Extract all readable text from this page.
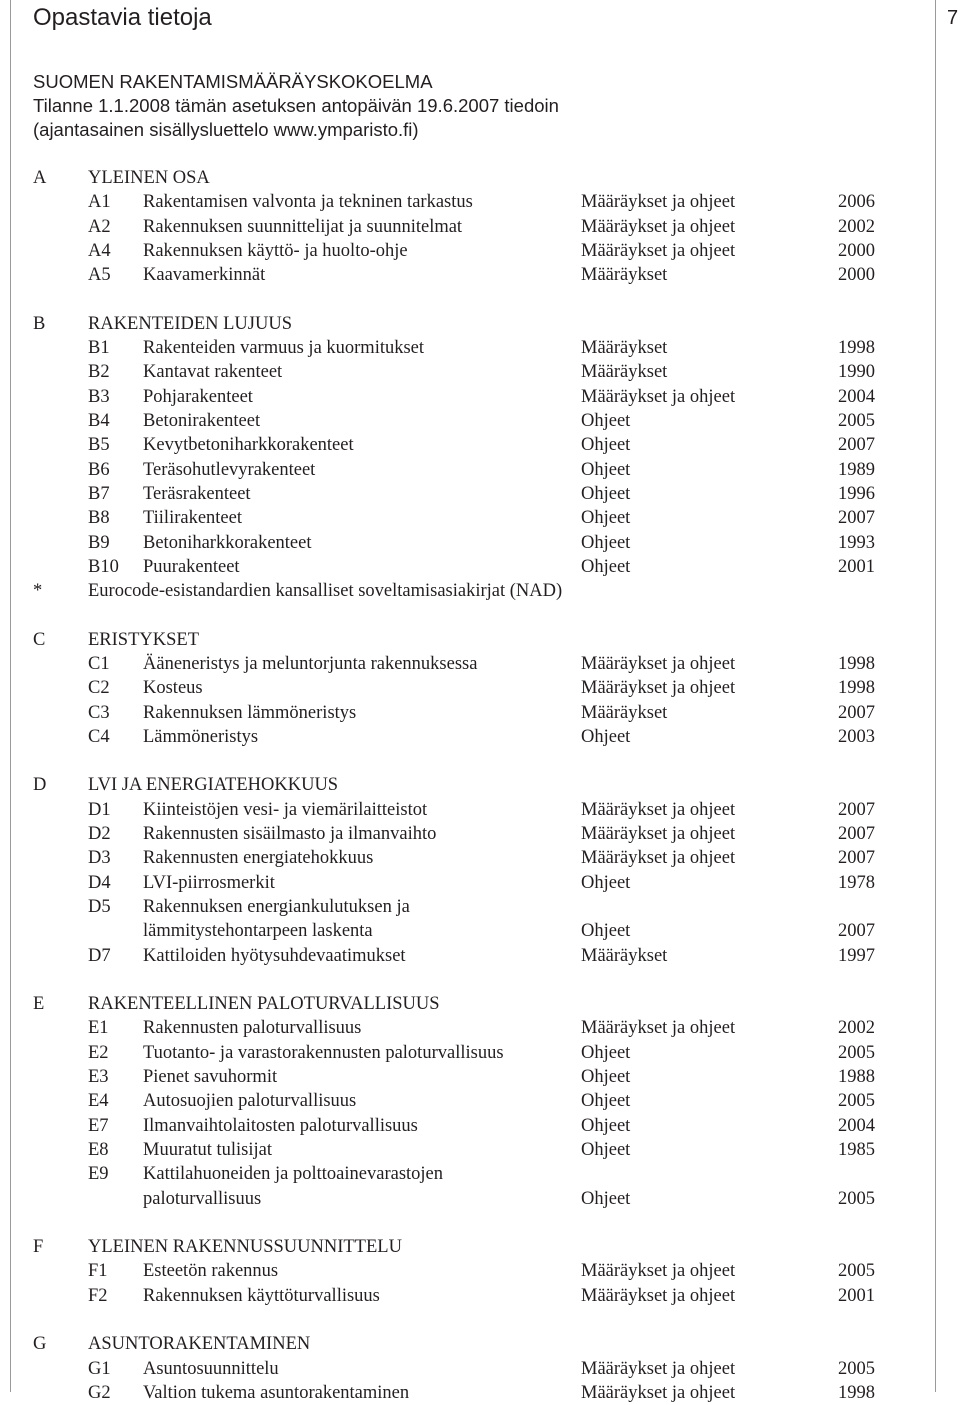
Opastavia tietoja	7
SUOMEN RAKENTAMISMÄÄRÄYSKOKOELMA
Tilanne 1.1.2008 tämän asetuksen antopäivän 19.6.2007 tiedoin
(ajantasainen sisällysluettelo www.ymparisto.fi)
A YLEINEN OSA
A1 Rakentamisen valvonta ja tekninen tarkastus	Määräykset ja ohjeet	2006
A2 Rakennuksen suunnittelijat ja suunnitelmat	Määräykset ja ohjeet	2002
A4 Rakennuksen käyttö- ja huolto-ohje	Määräykset ja ohjeet	2000
A5 Kaavamerkinnät	Määräykset	2000
B RAKENTEIDEN LUJUUS
B1 Rakenteiden varmuus ja kuormitukset	Määräykset	1998
B2 Kantavat rakenteet	Määräykset	1990
B3 Pohjarakenteet	Määräykset ja ohjeet	2004
B4 Betonirakenteet	Ohjeet	2005
B5 Kevytbetoniharkkorakenteet	Ohjeet	2007
B6 Teräsohutlevyrakenteet	Ohjeet	1989
B7 Teräsrakenteet	Ohjeet	1996
B8 Tiilirakenteet	Ohjeet	2007
B9 Betoniharkkorakenteet	Ohjeet	1993
B10 Puurakenteet	Ohjeet	2001
* Eurocode-esistandardien kansalliset soveltamisasiakirjat (NAD)
C ERISTYKSET
C1 Ääneneristys ja meluntorjunta rakennuksessa	Määräykset ja ohjeet	1998
C2 Kosteus	Määräykset ja ohjeet	1998
C3 Rakennuksen lämmöneristys	Määräykset	2007
C4 Lämmöneristys	Ohjeet	2003
D LVI JA ENERGIATEHOKKUUS
D1 Kiinteistöjen vesi- ja viemärilaitteistot	Määräykset ja ohjeet	2007
D2 Rakennusten sisäilmasto ja ilmanvaihto	Määräykset ja ohjeet	2007
D3 Rakennusten energiatehokkuus	Määräykset ja ohjeet	2007
D4 LVI-piirrosmerkit	Ohjeet	1978
D5 Rakennuksen energiankulutuksen ja
lämmitystehontarpeen laskenta	Ohjeet	2007
D7 Kattiloiden hyötysuhdevaatimukset	Määräykset	1997
E RAKENTEELLINEN PALOTURVALLISUUS
E1 Rakennusten paloturvallisuus	Määräykset ja ohjeet	2002
E2 Tuotanto- ja varastorakennusten paloturvallisuus	Ohjeet	2005
E3 Pienet savuhormit	Ohjeet	1988
E4 Autosuojien paloturvallisuus	Ohjeet	2005
E7 Ilmanvaihtolaitosten paloturvallisuus	Ohjeet	2004
E8 Muuratut tulisijat	Ohjeet	1985
E9 Kattilahuoneiden ja polttoainevarastojen
paloturvallisuus	Ohjeet	2005
F YLEINEN RAKENNUSSUUNNITTELU
F1 Esteetön rakennus	Määräykset ja ohjeet	2005
F2 Rakennuksen käyttöturvallisuus	Määräykset ja ohjeet	2001
G ASUNTORAKENTAMINEN
G1 Asuntosuunnittelu	Määräykset ja ohjeet	2005
G2 Valtion tukema asuntorakentaminen	Määräykset ja ohjeet	1998
